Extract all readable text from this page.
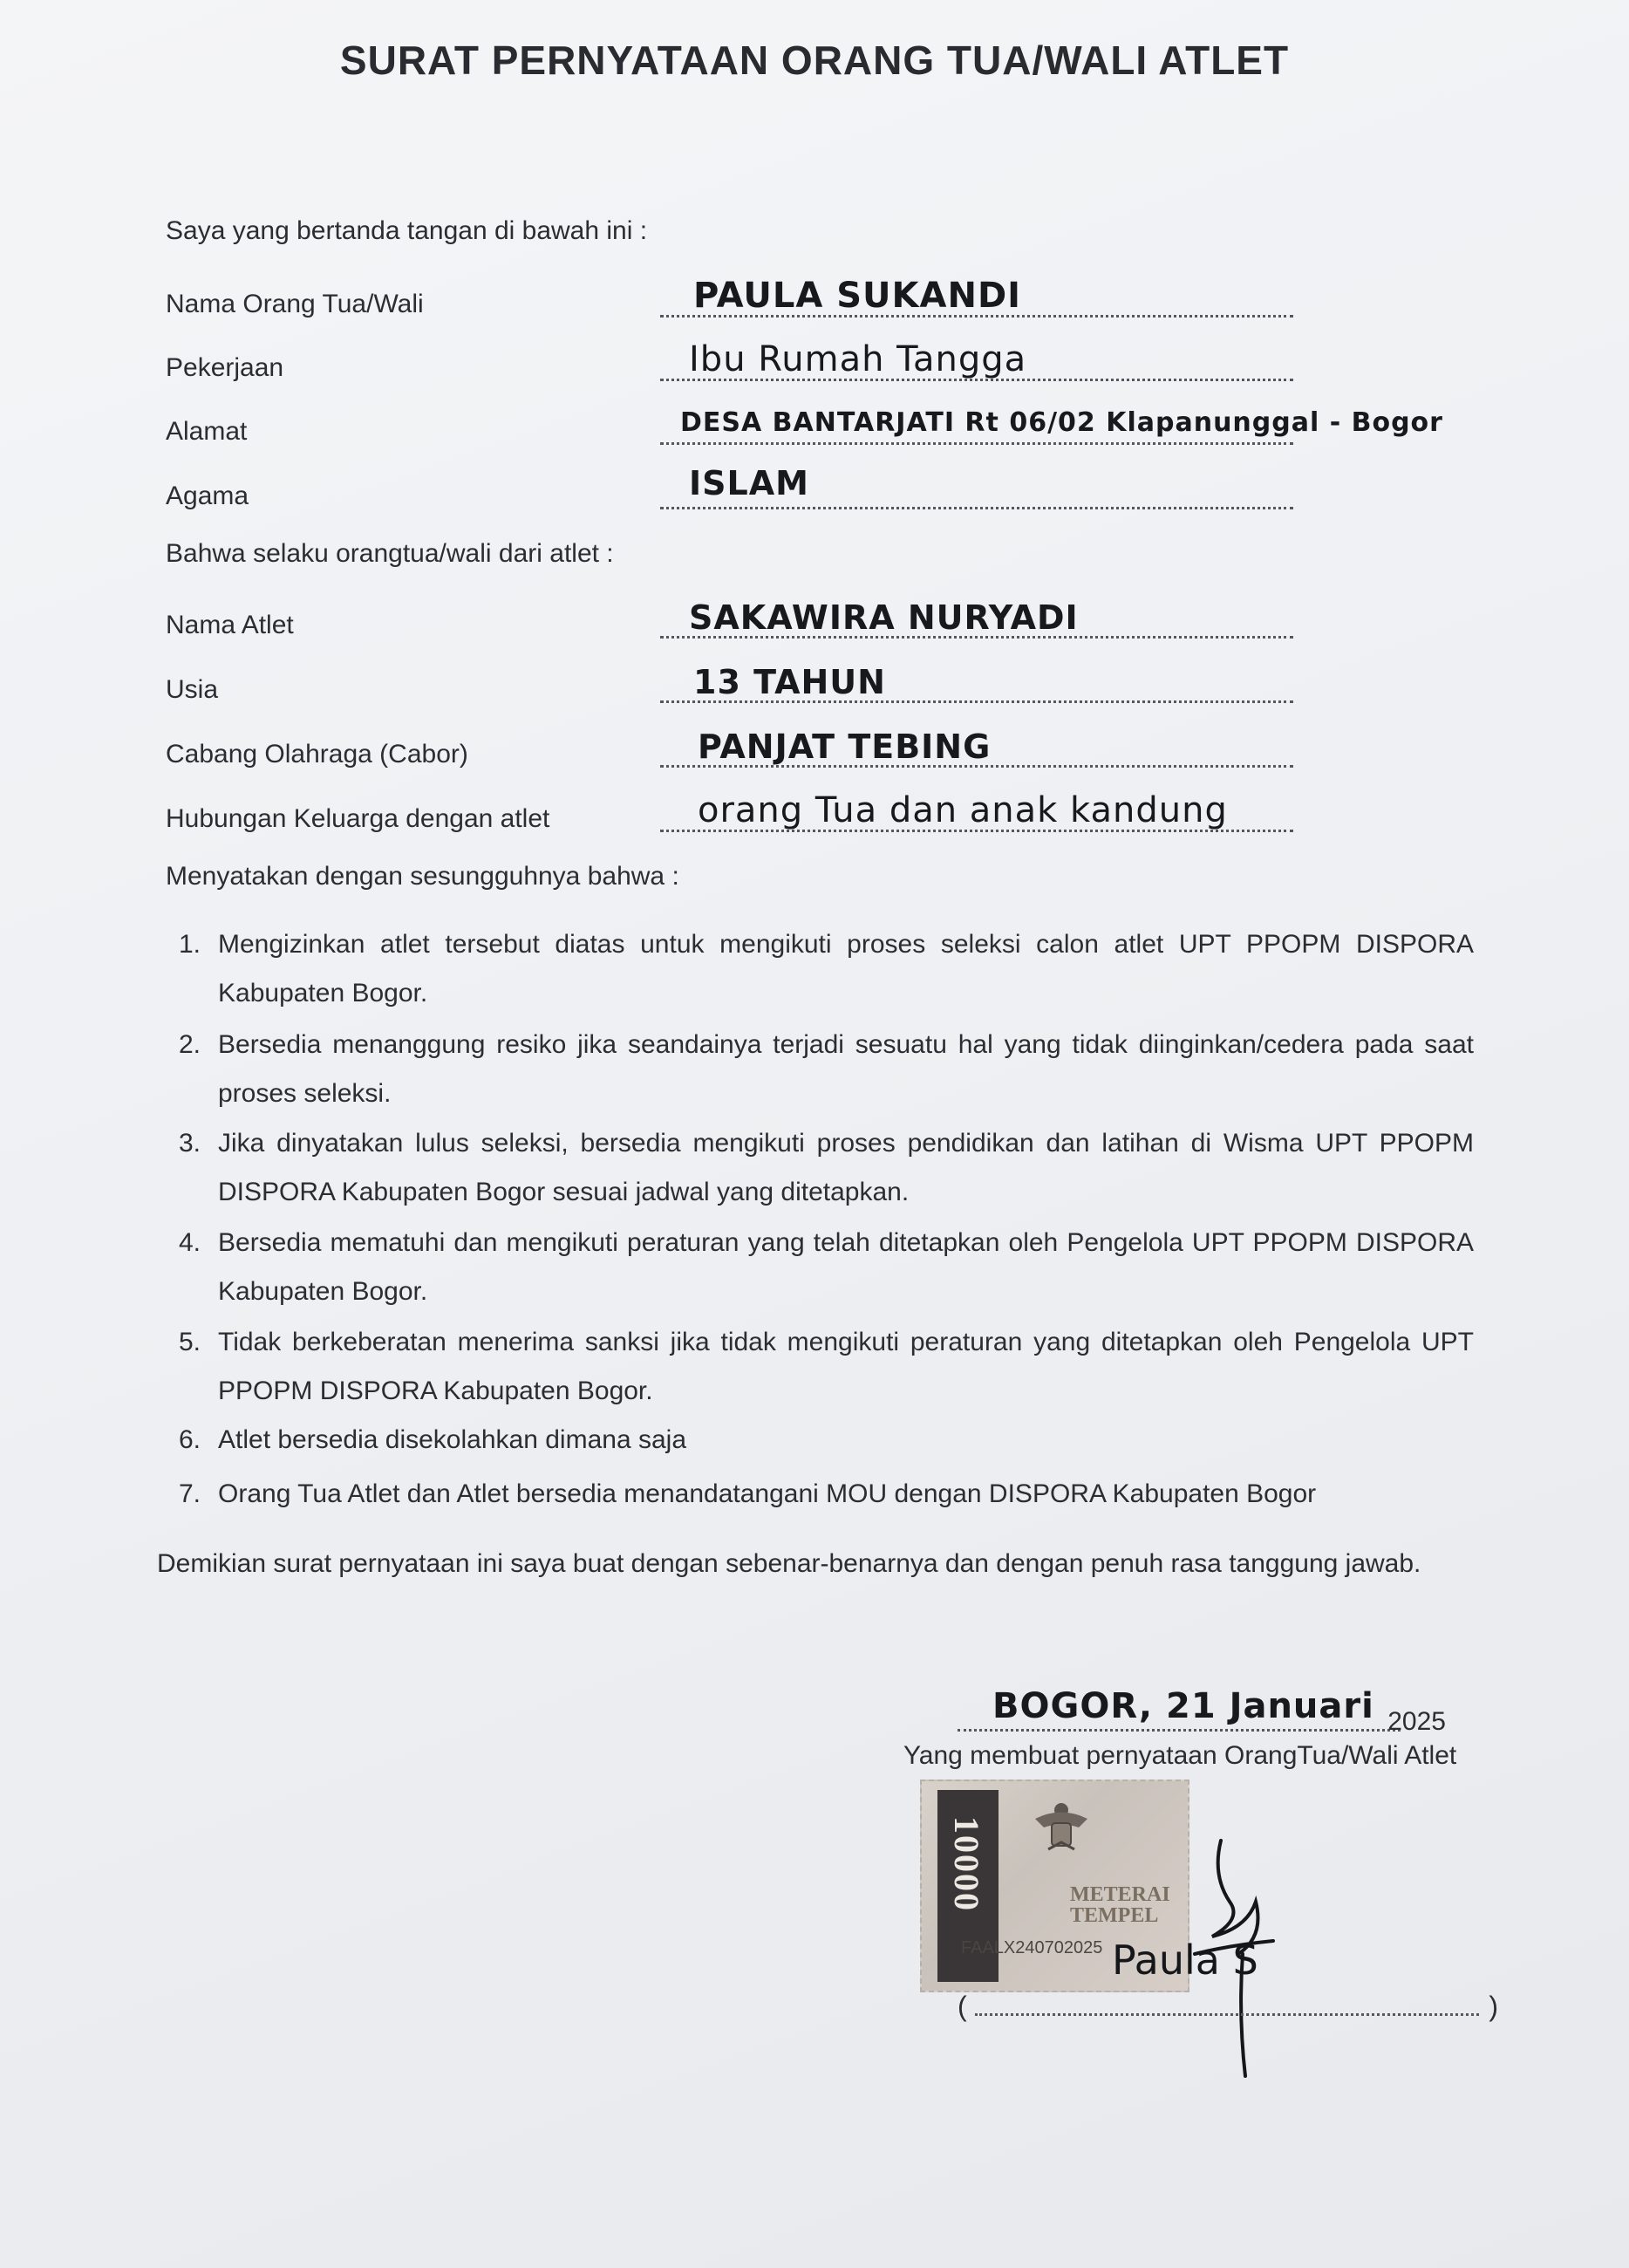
SURAT PERNYATAAN ORANG TUA/WALI ATLET
Saya yang bertanda tangan di bawah ini :
Nama Orang Tua/Wali	PAULA SUKANDI
Pekerjaan	Ibu Rumah Tangga
Alamat	DESA BANTARJATI Rt 06/02 Klapanunggal - Bogor
Agama	ISLAM
Bahwa selaku orangtua/wali dari atlet :
Nama Atlet	SAKAWIRA NURYADI
Usia	13 TAHUN
Cabang Olahraga (Cabor)	PANJAT TEBING
Hubungan Keluarga dengan atlet	orang Tua dan anak kandung
Menyatakan dengan sesungguhnya bahwa :
1. Mengizinkan atlet tersebut diatas untuk mengikuti proses seleksi calon atlet UPT PPOPM DISPORA Kabupaten Bogor.
2. Bersedia menanggung resiko jika seandainya terjadi sesuatu hal yang tidak diinginkan/cedera pada saat proses seleksi.
3. Jika dinyatakan lulus seleksi, bersedia mengikuti proses pendidikan dan latihan di Wisma UPT PPOPM DISPORA Kabupaten Bogor sesuai jadwal yang ditetapkan.
4. Bersedia mematuhi dan mengikuti peraturan yang telah ditetapkan oleh Pengelola UPT PPOPM DISPORA Kabupaten Bogor.
5. Tidak berkeberatan menerima sanksi jika tidak mengikuti peraturan yang ditetapkan oleh Pengelola UPT PPOPM DISPORA Kabupaten Bogor.
6. Atlet bersedia disekolahkan dimana saja
7. Orang Tua Atlet dan Atlet bersedia menandatangani MOU dengan DISPORA Kabupaten Bogor
Demikian surat pernyataan ini saya buat dengan sebenar-benarnya dan dengan penuh rasa tanggung jawab.
BOGOR, 21 Januari 2025
Yang membuat pernyataan OrangTua/Wali Atlet
10000	METERAI TEMPEL
FAALX240702025 Paula S
(	)
